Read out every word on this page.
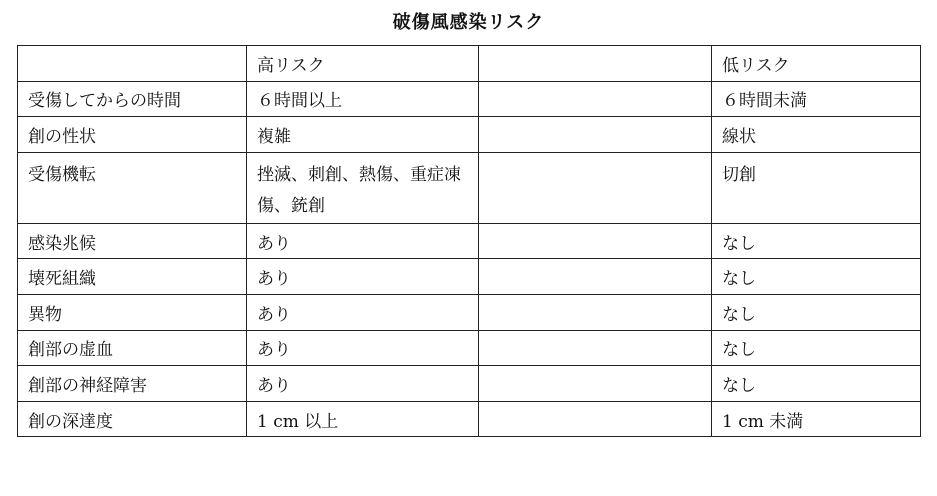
破傷風感染リスク
	高リスク		低リスク
受傷してからの時間	６時間以上		６時間未満
創の性状	複雑		線状
受傷機転	挫滅、刺創、熱傷、重症凍傷、銃創		切創
感染兆候	あり		なし
壊死組織	あり		なし
異物	あり		なし
創部の虚血	あり		なし
創部の神経障害	あり		なし
創の深達度	1 cm 以上		1 cm 未満
